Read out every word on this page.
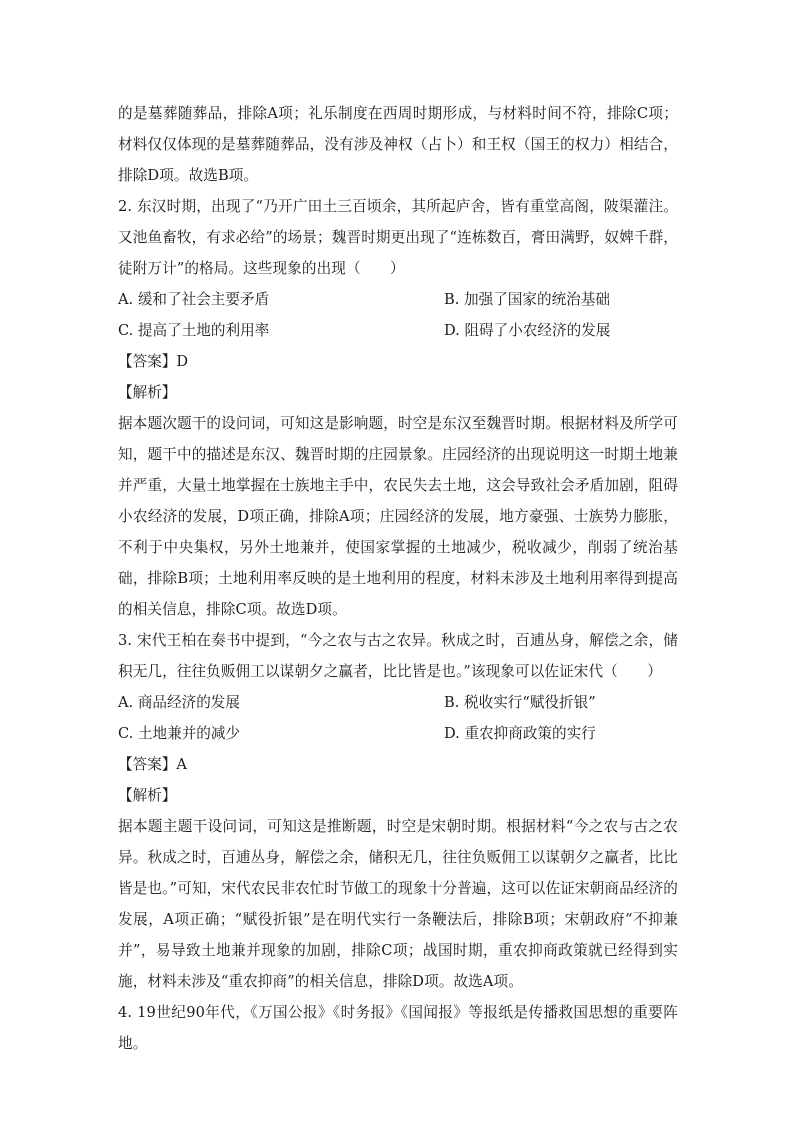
的是墓葬随葬品，排除A项；礼乐制度在西周时期形成，与材料时间不符，排除C项；材料仅仅体现的是墓葬随葬品，没有涉及神权（占卜）和王权（国王的权力）相结合，排除D项。故选B项。

2. 东汉时期，出现了“乃开广田土三百顷余，其所起庐舍，皆有重堂高阁，陂渠灌注。又池鱼畜牧，有求必给”的场景；魏晋时期更出现了“连栋数百，膏田满野，奴婢千群，徒附万计”的格局。这些现象的出现（　　）

A. 缓和了社会主要矛盾	B. 加强了国家的统治基础
C. 提高了土地的利用率	D. 阻碍了小农经济的发展

【答案】D

【解析】

据本题次题干的设问词，可知这是影响题，时空是东汉至魏晋时期。根据材料及所学可知，题干中的描述是东汉、魏晋时期的庄园景象。庄园经济的出现说明这一时期土地兼并严重，大量土地掌握在士族地主手中，农民失去土地，这会导致社会矛盾加剧，阻碍小农经济的发展，D项正确，排除A项；庄园经济的发展，地方豪强、士族势力膨胀，不利于中央集权，另外土地兼并，使国家掌握的土地减少，税收减少，削弱了统治基础，排除B项；土地利用率反映的是土地利用的程度，材料未涉及土地利用率得到提高的相关信息，排除C项。故选D项。

3. 宋代王柏在奏书中提到，“今之农与古之农异。秋成之时，百逋丛身，解偿之余，储积无几，往往负贩佣工以谋朝夕之赢者，比比皆是也。”该现象可以佐证宋代（　　）

A. 商品经济的发展	B. 税收实行“赋役折银”
C. 土地兼并的减少	D. 重农抑商政策的实行

【答案】A

【解析】

据本题主题干设问词，可知这是推断题，时空是宋朝时期。根据材料“今之农与古之农异。秋成之时，百逋丛身，解偿之余，储积无几，往往负贩佣工以谋朝夕之赢者，比比皆是也。”可知，宋代农民非农忙时节做工的现象十分普遍，这可以佐证宋朝商品经济的发展，A项正确；“赋役折银”是在明代实行一条鞭法后，排除B项；宋朝政府“不抑兼并”，易导致土地兼并现象的加剧，排除C项；战国时期，重农抑商政策就已经得到实施，材料未涉及“重农抑商”的相关信息，排除D项。故选A项。

4. 19世纪90年代，《万国公报》《时务报》《国闻报》等报纸是传播救国思想的重要阵地。
